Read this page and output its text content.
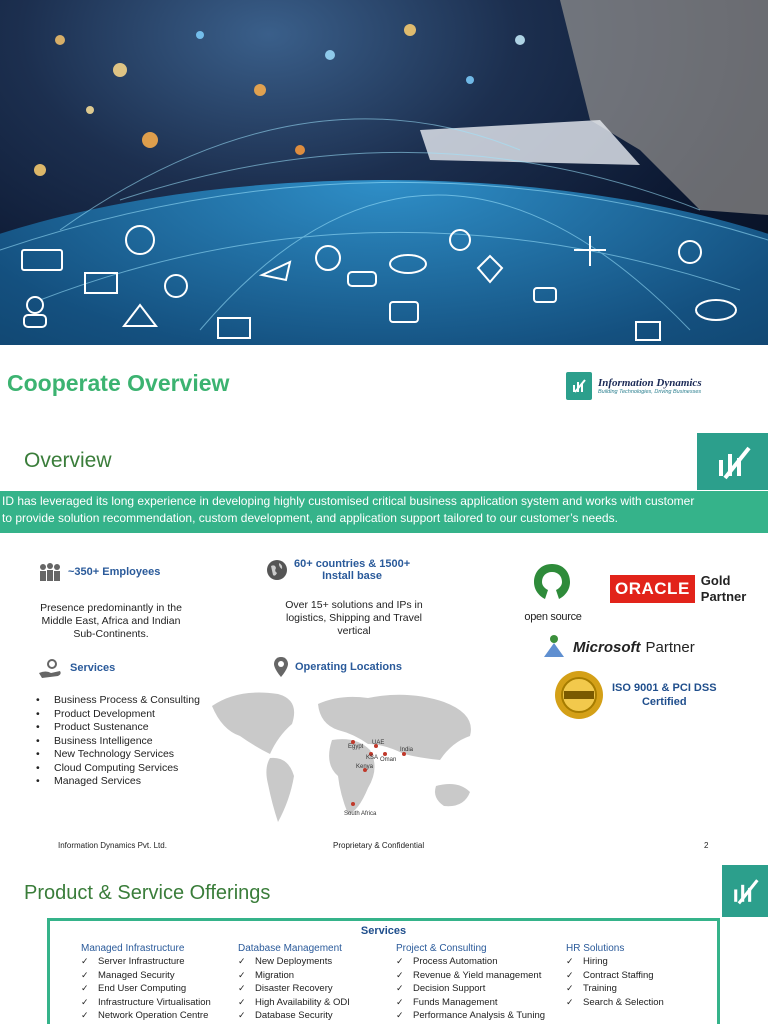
Cooperate Overview	Information Dynamics
Building Technologies, Driving Businesses
Overview
ID has leveraged its long experience in developing highly customised critical business application system and works with customer
to provide solution recommendation, custom development, and application support tailored to our customer’s needs.
~350+ Employees
Presence predominantly in the
Middle East, Africa and Indian
Sub-Continents.
60+ countries & 1500+
Install base
Over 15+ solutions and IPs in
logistics, Shipping and Travel
vertical
Services
• Business Process & Consulting
• Product Development
• Product Sustenance
• Business Intelligence
• New Technology Services
• Cloud Computing Services
• Managed Services
Operating Locations
Egypt
UAE
KSA Oman
India
Kenya
South Africa
open source
ORACLE Gold
Partner
Microsoft Partner
ISO 9001 & PCI DSS
Certified
Information Dynamics Pvt. Ltd.	Proprietary & Confidential	2
Product & Service Offerings
Services
Managed Infrastructure
✓ Server Infrastructure
✓ Managed Security
✓ End User Computing
✓ Infrastructure Virtualisation
✓ Network Operation Centre
Database Management
✓ New Deployments
✓ Migration
✓ Disaster Recovery
✓ High Availability & ODI
✓ Database Security
Project & Consulting
✓ Process Automation
✓ Revenue & Yield management
✓ Decision Support
✓ Funds Management
✓ Performance Analysis & Tuning
HR Solutions
✓ Hiring
✓ Contract Staffing
✓ Training
✓ Search & Selection
